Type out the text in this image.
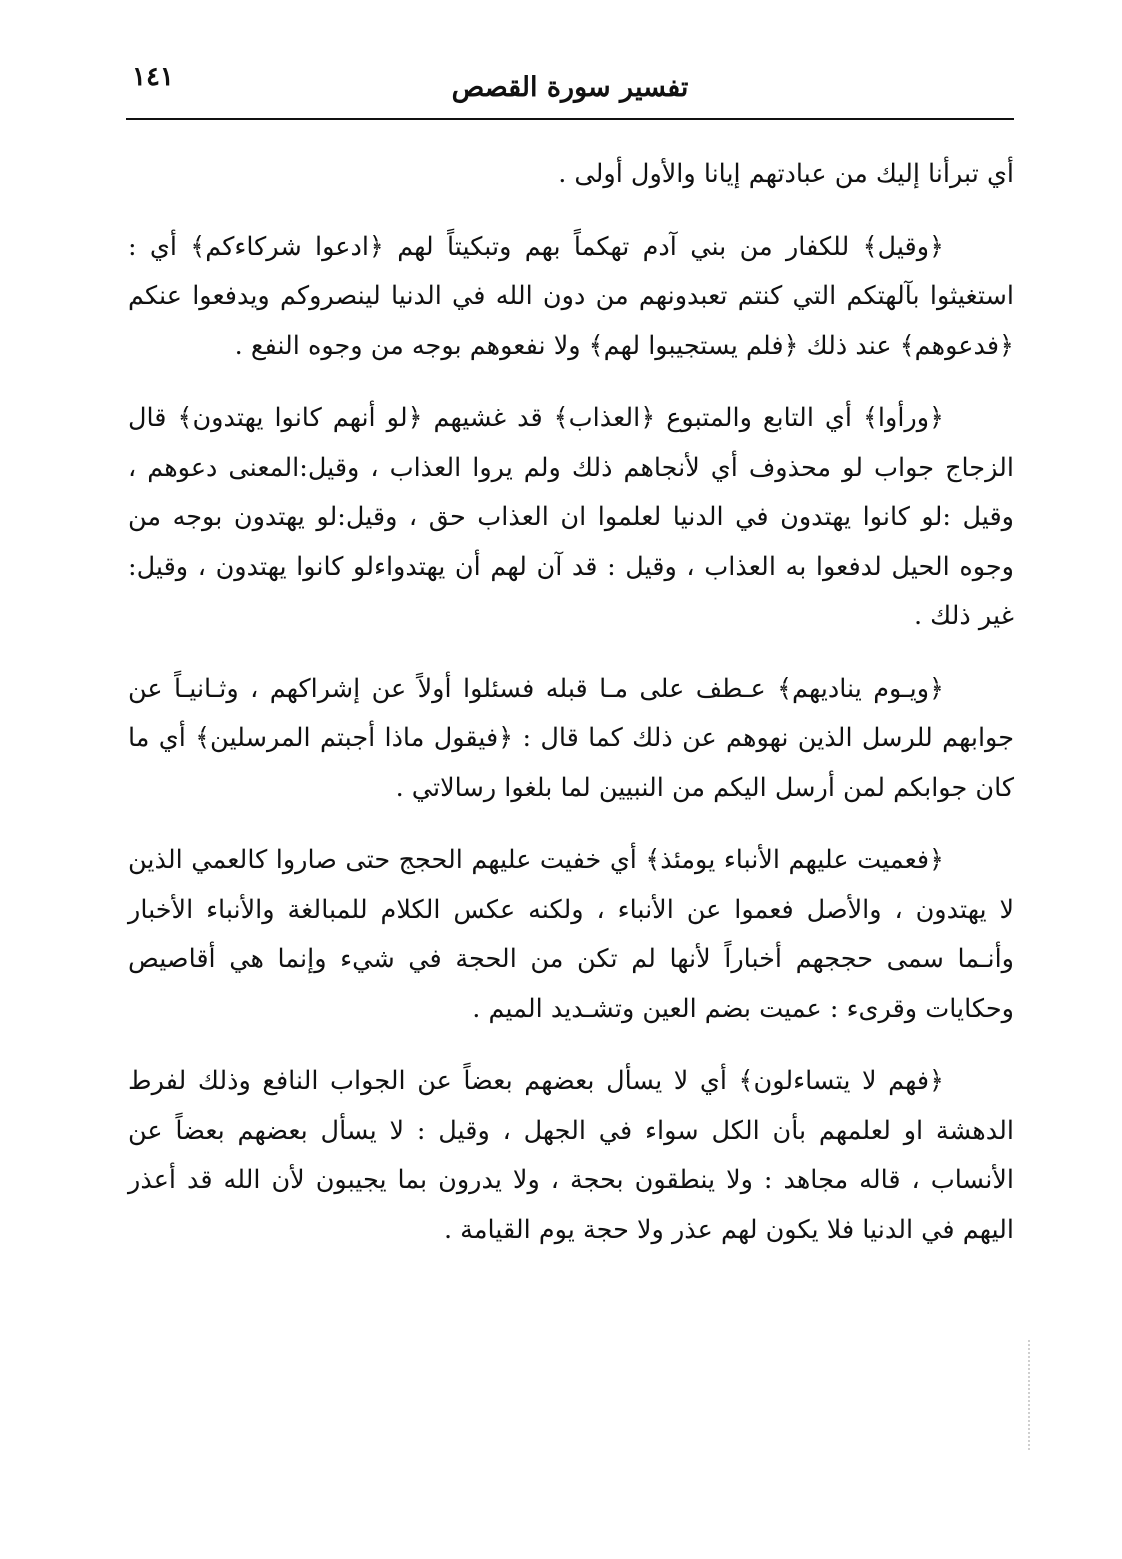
١٤١	تفسير سورة القصص

أي تبرأنا إليك من عبادتهم إيانا والأول أولى .

﴿وقيل﴾ للكفار من بني آدم تهكماً بهم وتبكيتاً لهم ﴿ادعوا شركاءكم﴾ أي : استغيثوا بآلهتكم التي كنتم تعبدونهم من دون الله في الدنيا لينصروكم ويدفعوا عنكم ﴿فدعوهم﴾ عند ذلك ﴿فلم يستجيبوا لهم﴾ ولا نفعوهم بوجه من وجوه النفع .

﴿ورأوا﴾ أي التابع والمتبوع ﴿العذاب﴾ قد غشيهم ﴿لو أنهم كانوا يهتدون﴾ قال الزجاج جواب لو محذوف أي لأنجاهم ذلك ولم يروا العذاب ، وقيل:المعنى دعوهم ، وقيل :لو كانوا يهتدون في الدنيا لعلموا ان العذاب حق ، وقيل:لو يهتدون بوجه من وجوه الحيل لدفعوا به العذاب ، وقيل : قد آن لهم أن يهتدواءلو كانوا يهتدون ، وقيل: غير ذلك .

﴿ويـوم يناديهم﴾ عـطف على مـا قبله فسئلوا أولاً عن إشراكهم ، وثـانيـاً عن جوابهم للرسل الذين نهوهم عن ذلك كما قال : ﴿فيقول ماذا أجبتم المرسلين﴾ أي ما كان جوابكم لمن أرسل اليكم من النبيين لما بلغوا رسالاتي .

﴿فعميت عليهم الأنباء يومئذ﴾ أي خفيت عليهم الحجج حتى صاروا كالعمي الذين لا يهتدون ، والأصل فعموا عن الأنباء ، ولكنه عكس الكلام للمبالغة والأنباء الأخبار وأنـما سمى حججهم أخباراً لأنها لم تكن من الحجة في شيء وإنما هي أقاصيص وحكايات وقرىء : عميت بضم العين وتشـديد الميم .

﴿فهم لا يتساءلون﴾ أي لا يسأل بعضهم بعضاً عن الجواب النافع وذلك لفرط الدهشة او لعلمهم بأن الكل سواء في الجهل ، وقيل : لا يسأل بعضهم بعضاً عن الأنساب ، قاله مجاهد : ولا ينطقون بحجة ، ولا يدرون بما يجيبون لأن الله قد أعذر اليهم في الدنيا فلا يكون لهم عذر ولا حجة يوم القيامة .
